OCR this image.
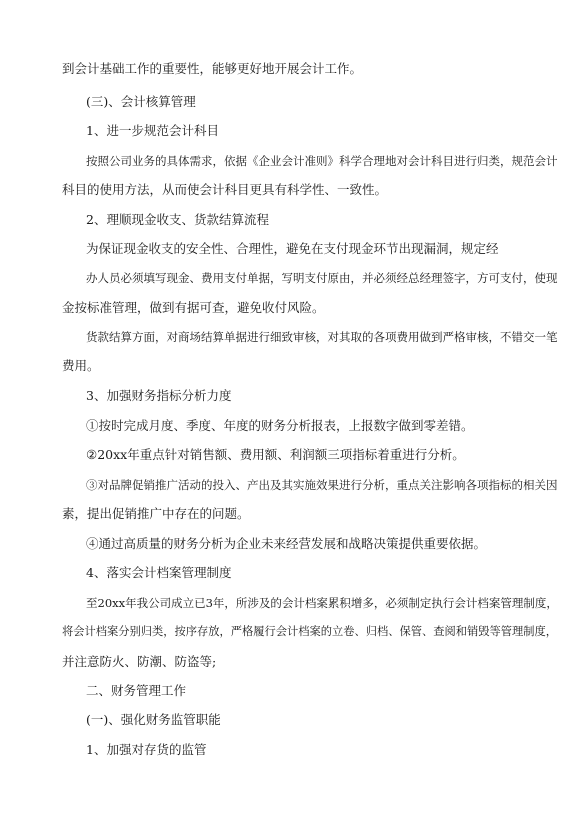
到会计基础工作的重要性，能够更好地开展会计工作。
(三)、会计核算管理
1、进一步规范会计科目
按照公司业务的具体需求，依据《企业会计准则》科学合理地对会计科目进行归类，规范会计
科目的使用方法，从而使会计科目更具有科学性、一致性。
2、理顺现金收支、货款结算流程
为保证现金收支的安全性、合理性，避免在支付现金环节出现漏洞，规定经
办人员必须填写现金、费用支付单据，写明支付原由，并必须经总经理签字，方可支付，使现
金按标准管理，做到有据可查，避免收付风险。
货款结算方面，对商场结算单据进行细致审核，对其取的各项费用做到严格审核，不错交一笔
费用。
3、加强财务指标分析力度
①按时完成月度、季度、年度的财务分析报表，上报数字做到零差错。
②20xx年重点针对销售额、费用额、利润额三项指标着重进行分析。
③对品牌促销推广活动的投入、产出及其实施效果进行分析，重点关注影响各项指标的相关因
素，提出促销推广中存在的问题。
④通过高质量的财务分析为企业未来经营发展和战略决策提供重要依据。
4、落实会计档案管理制度
至20xx年我公司成立已3年，所涉及的会计档案累积增多，必须制定执行会计档案管理制度，
将会计档案分别归类，按序存放，严格履行会计档案的立卷、归档、保管、查阅和销毁等管理制度，
并注意防火、防潮、防盗等;
二、财务管理工作
(一)、强化财务监管职能
1、加强对存货的监管
